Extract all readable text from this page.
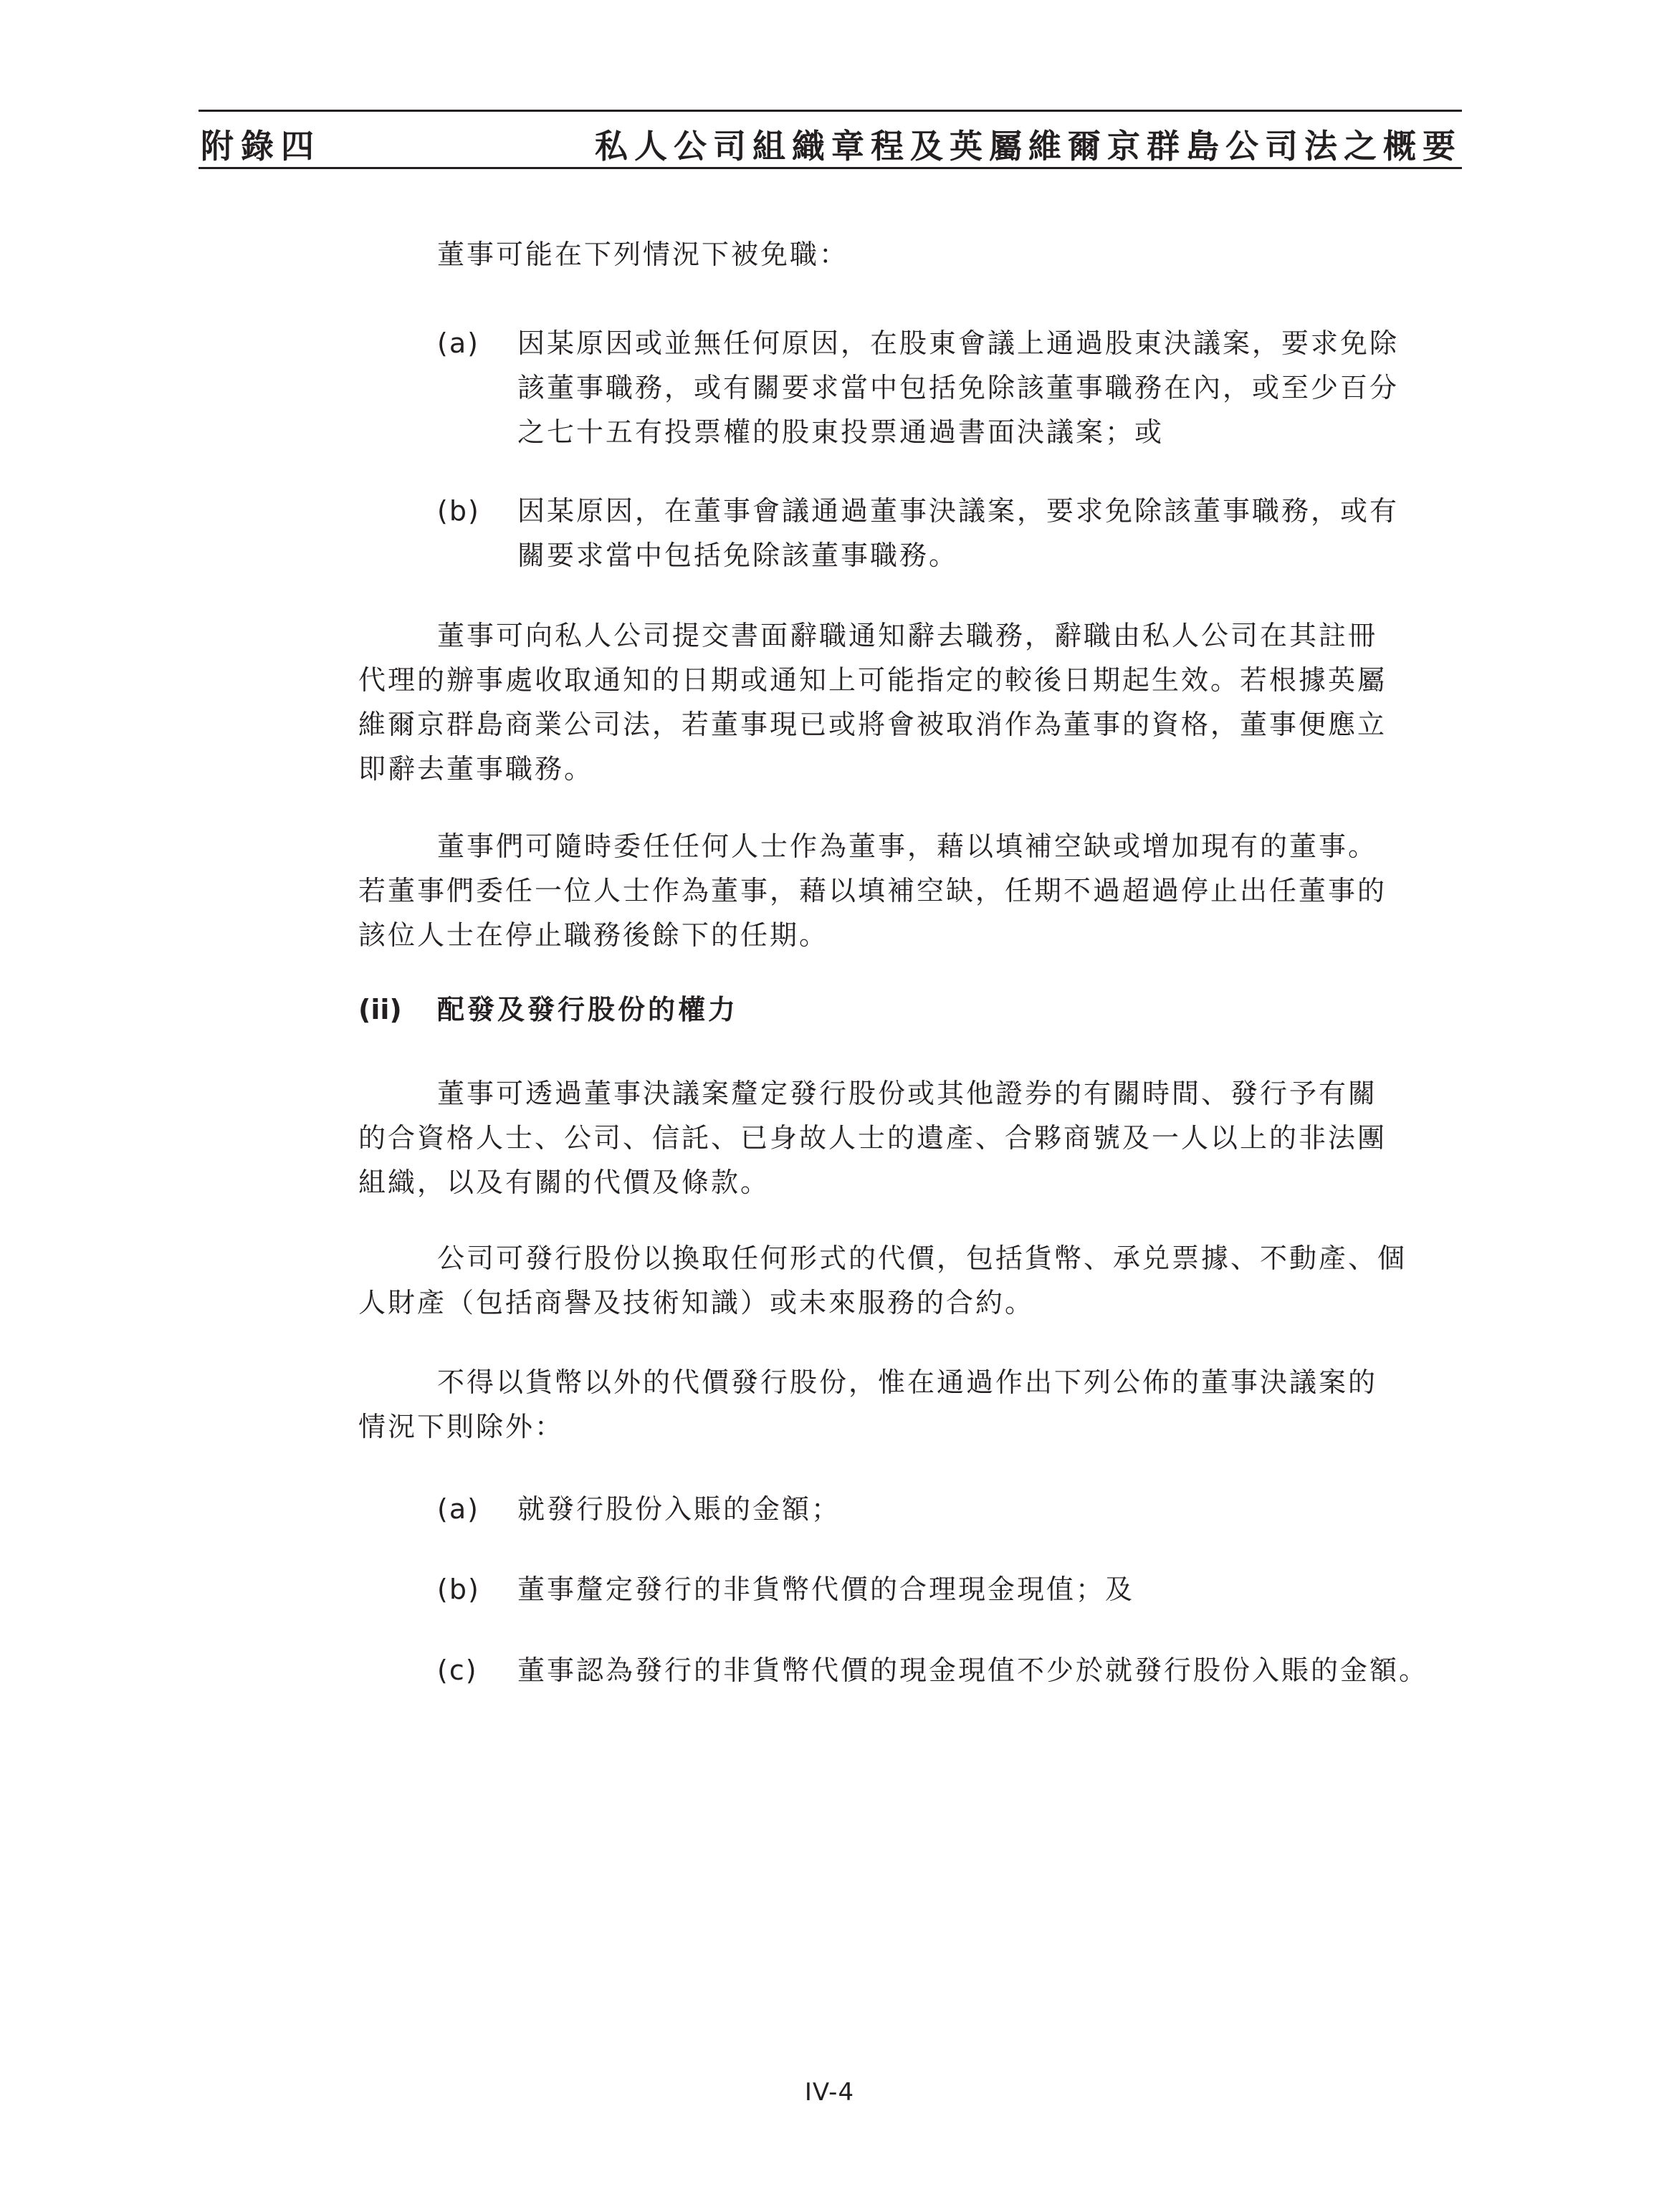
附錄四	私人公司組織章程及英屬維爾京群島公司法之概要
董事可能在下列情況下被免職：
(a) 因某原因或並無任何原因，在股東會議上通過股東決議案，要求免除
該董事職務，或有關要求當中包括免除該董事職務在內，或至少百分
之七十五有投票權的股東投票通過書面決議案；或
(b) 因某原因，在董事會議通過董事決議案，要求免除該董事職務，或有
關要求當中包括免除該董事職務。
董事可向私人公司提交書面辭職通知辭去職務，辭職由私人公司在其註冊
代理的辦事處收取通知的日期或通知上可能指定的較後日期起生效。若根據英屬
維爾京群島商業公司法，若董事現已或將會被取消作為董事的資格，董事便應立
即辭去董事職務。
董事們可隨時委任任何人士作為董事，藉以填補空缺或增加現有的董事。
若董事們委任一位人士作為董事，藉以填補空缺，任期不過超過停止出任董事的
該位人士在停止職務後餘下的任期。
(ii) 配發及發行股份的權力
董事可透過董事決議案釐定發行股份或其他證券的有關時間、發行予有關
的合資格人士、公司、信託、已身故人士的遺產、合夥商號及一人以上的非法團
組織，以及有關的代價及條款。
公司可發行股份以換取任何形式的代價，包括貨幣、承兑票據、不動產、個
人財產（包括商譽及技術知識）或未來服務的合約。
不得以貨幣以外的代價發行股份，惟在通過作出下列公佈的董事決議案的
情況下則除外：
(a) 就發行股份入賬的金額；
(b) 董事釐定發行的非貨幣代價的合理現金現值；及
(c) 董事認為發行的非貨幣代價的現金現值不少於就發行股份入賬的金額。
IV-4
